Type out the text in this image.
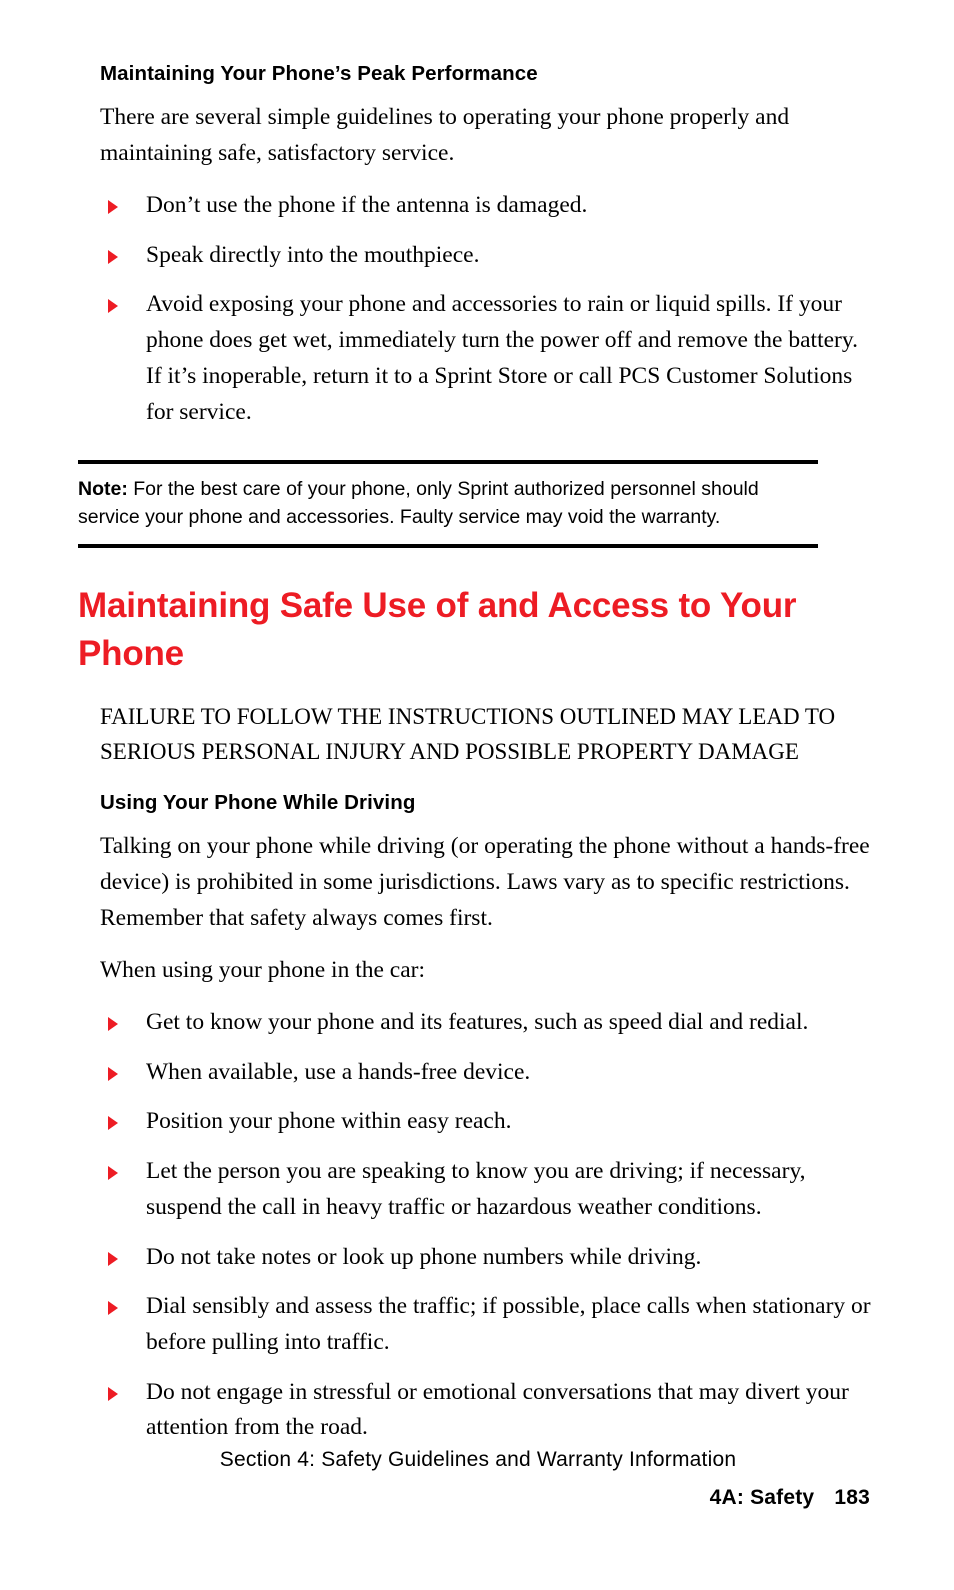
Maintaining Your Phone’s Peak Performance

There are several simple guidelines to operating your phone properly and maintaining safe, satisfactory service.

Don’t use the phone if the antenna is damaged.
Speak directly into the mouthpiece.
Avoid exposing your phone and accessories to rain or liquid spills. If your phone does get wet, immediately turn the power off and remove the battery. If it’s inoperable, return it to a Sprint Store or call PCS Customer Solutions for service.
Note: For the best care of your phone, only Sprint authorized personnel should service your phone and accessories. Faulty service may void the warranty.
Maintaining Safe Use of and Access to Your Phone

FAILURE TO FOLLOW THE INSTRUCTIONS OUTLINED MAY LEAD TO SERIOUS PERSONAL INJURY AND POSSIBLE PROPERTY DAMAGE

Using Your Phone While Driving

Talking on your phone while driving (or operating the phone without a hands-free device) is prohibited in some jurisdictions. Laws vary as to specific restrictions. Remember that safety always comes first.

When using your phone in the car:

Get to know your phone and its features, such as speed dial and redial.
When available, use a hands-free device.
Position your phone within easy reach.
Let the person you are speaking to know you are driving; if necessary, suspend the call in heavy traffic or hazardous weather conditions.
Do not take notes or look up phone numbers while driving.
Dial sensibly and assess the traffic; if possible, place calls when stationary or before pulling into traffic.
Do not engage in stressful or emotional conversations that may divert your attention from the road.
Section 4: Safety Guidelines and Warranty Information
4A: Safety 183
